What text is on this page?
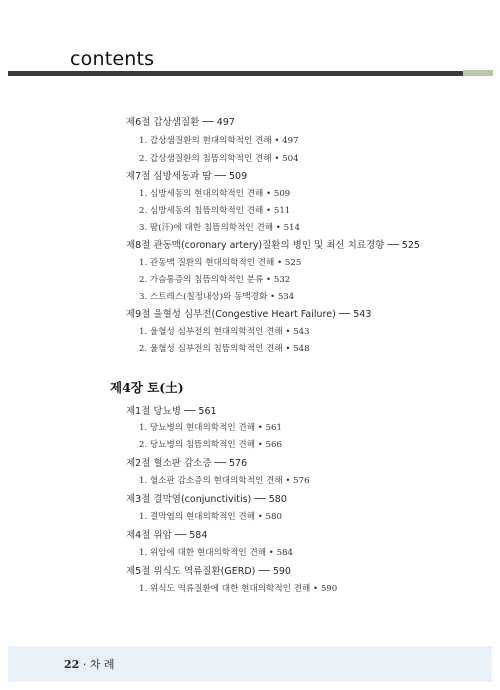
contents
제6절 갑상샘질환 ── 497
1. 갑상샘질환의 현대의학적인 견해 • 497
2. 갑상샘질환의 침뜸의학적인 견해 • 504
제7절 심방세동과 땀 ── 509
1. 심방세동의 현대의학적인 견해 • 509
2. 심방세동의 침뜸의학적인 견해 • 511
3. 땀(汗)에 대한 침뜸의학적인 견해 • 514
제8절 관동맥(coronary artery)질환의 병인 및 최신 치료경향 ── 525
1. 관동맥 질환의 현대의학적인 견해 • 525
2. 가슴통증의 침뜸의학적인 분류 • 532
3. 스트레스(칠정내상)와 동맥경화 • 534
제9절 울혈성 심부전(Congestive Heart Failure) ── 543
1. 울혈성 심부전의 현대의학적인 견해 • 543
2. 울혈성 심부전의 침뜸의학적인 견해 • 548
제4장 토(土)
제1절 당뇨병 ── 561
1. 당뇨병의 현대의학적인 견해 • 561
2. 당뇨병의 침뜸의학적인 견해 • 566
제2절 혈소판 감소증 ── 576
1. 혈소판 감소증의 현대의학적인 견해 • 576
제3절 결막염(conjunctivitis) ── 580
1. 결막염의 현대의학적인 견해 • 580
제4절 위암 ── 584
1. 위암에 대한 현대의학적인 견해 • 584
제5절 위식도 역류질환(GERD) ── 590
1. 위식도 역류질환에 대한 현대의학적인 견해 • 590
22 · 차 례
